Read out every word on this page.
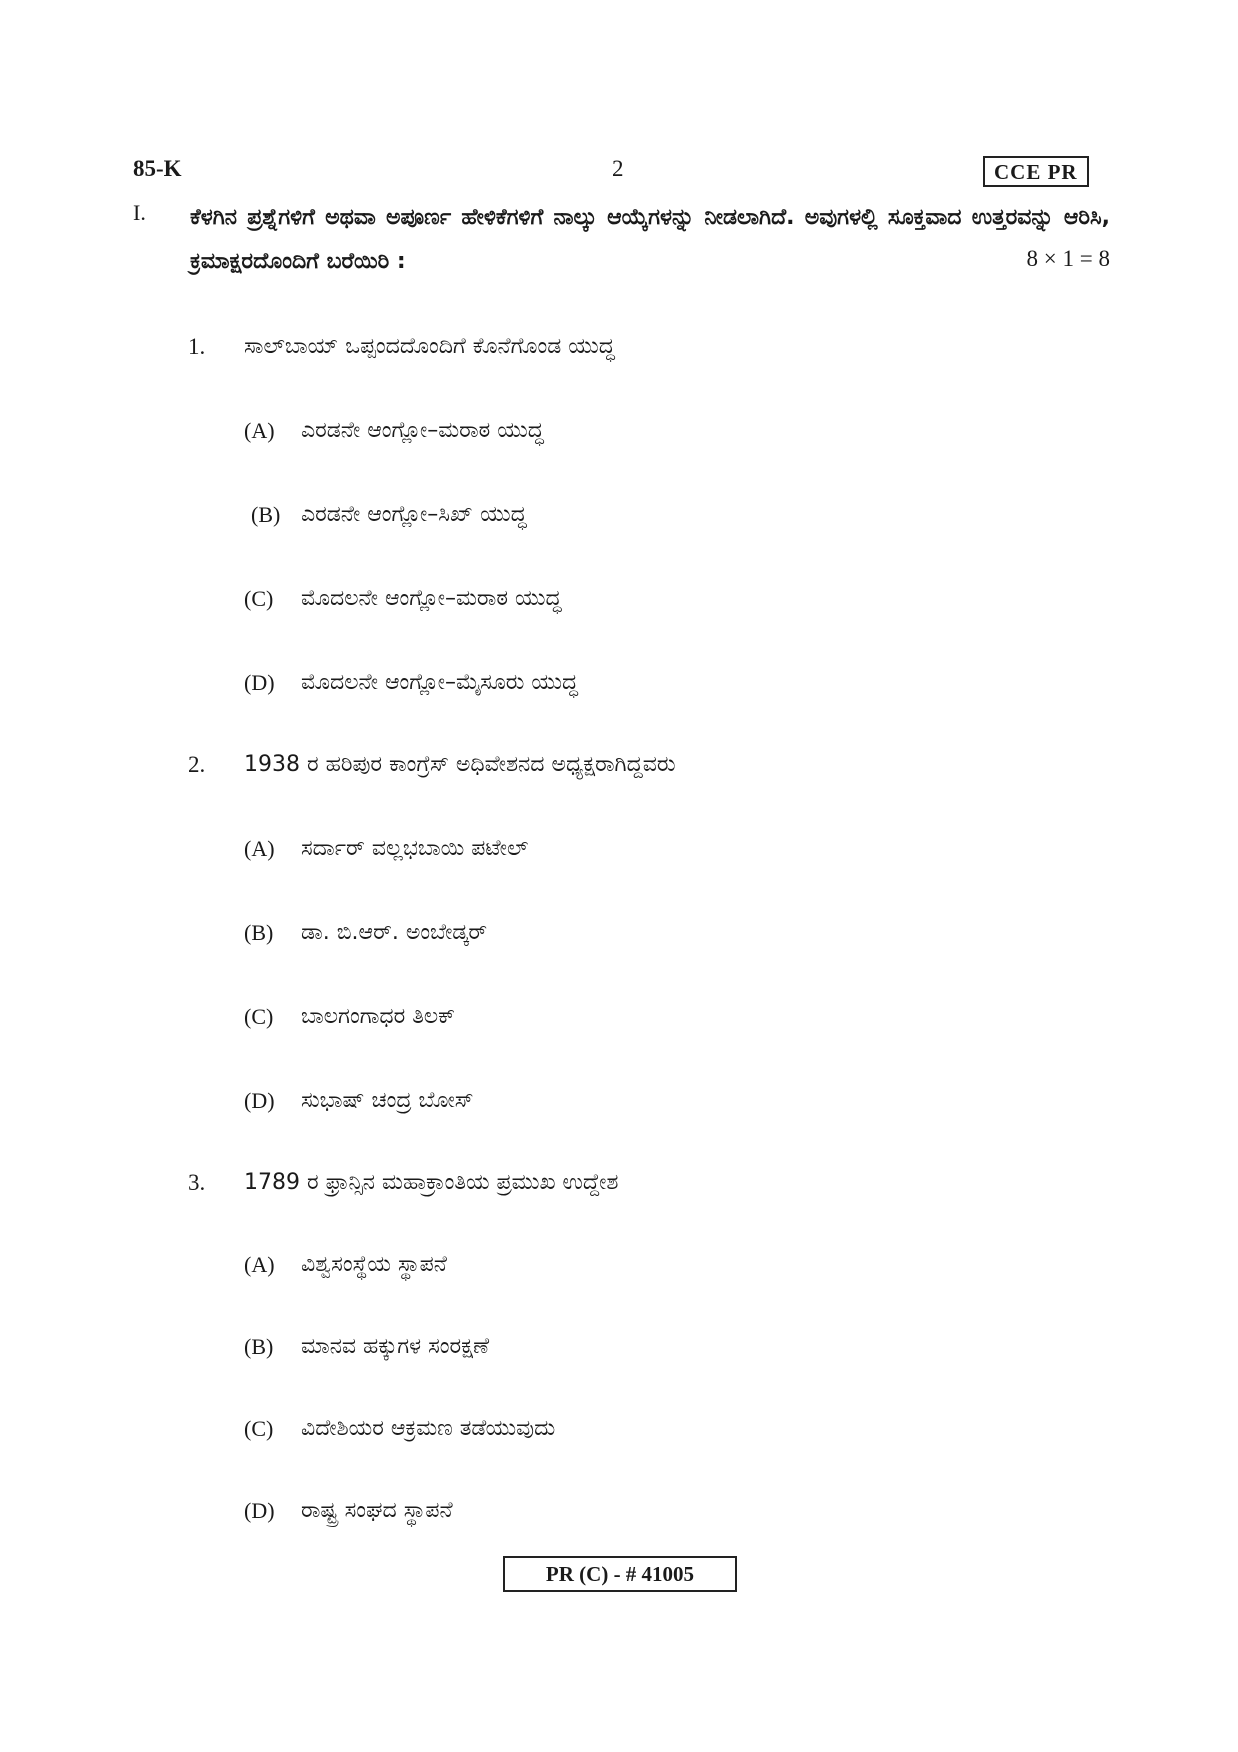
85-K	2	CCE PR
I. ಕೆಳಗಿನ ಪ್ರಶ್ನೆಗಳಿಗೆ ಅಥವಾ ಅಪೂರ್ಣ ಹೇಳಿಕೆಗಳಿಗೆ ನಾಲ್ಕು ಆಯ್ಕೆಗಳನ್ನು ನೀಡಲಾಗಿದೆ. ಅವುಗಳಲ್ಲಿ ಸೂಕ್ತವಾದ ಉತ್ತರವನ್ನು ಆರಿಸಿ, ಕ್ರಮಾಕ್ಷರದೊಂದಿಗೆ ಬರೆಯಿರಿ :	8 × 1 = 8
1. ಸಾಲ್‌ಬಾಯ್ ಒಪ್ಪಂದದೊಂದಿಗೆ ಕೊನೆಗೊಂಡ ಯುದ್ಧ
(A) ಎರಡನೇ ಆಂಗ್ಲೋ–ಮರಾಠ ಯುದ್ಧ
(B) ಎರಡನೇ ಆಂಗ್ಲೋ–ಸಿಖ್ ಯುದ್ಧ
(C) ಮೊದಲನೇ ಆಂಗ್ಲೋ–ಮರಾಠ ಯುದ್ಧ
(D) ಮೊದಲನೇ ಆಂಗ್ಲೋ–ಮೈಸೂರು ಯುದ್ಧ
2. 1938 ರ ಹರಿಪುರ ಕಾಂಗ್ರೆಸ್ ಅಧಿವೇಶನದ ಅಧ್ಯಕ್ಷರಾಗಿದ್ದವರು
(A) ಸರ್ದಾರ್ ವಲ್ಲಭಬಾಯಿ ಪಟೇಲ್
(B) ಡಾ. ಬಿ.ಆರ್. ಅಂಬೇಡ್ಕರ್
(C) ಬಾಲಗಂಗಾಧರ ತಿಲಕ್
(D) ಸುಭಾಷ್ ಚಂದ್ರ ಬೋಸ್
3. 1789 ರ ಫ್ರಾನ್ಸಿನ ಮಹಾಕ್ರಾಂತಿಯ ಪ್ರಮುಖ ಉದ್ದೇಶ
(A) ವಿಶ್ವಸಂಸ್ಥೆಯ ಸ್ಥಾಪನೆ
(B) ಮಾನವ ಹಕ್ಕುಗಳ ಸಂರಕ್ಷಣೆ
(C) ವಿದೇಶಿಯರ ಆಕ್ರಮಣ ತಡೆಯುವುದು
(D) ರಾಷ್ಟ್ರ ಸಂಘದ ಸ್ಥಾಪನೆ
PR (C) - # 41005
